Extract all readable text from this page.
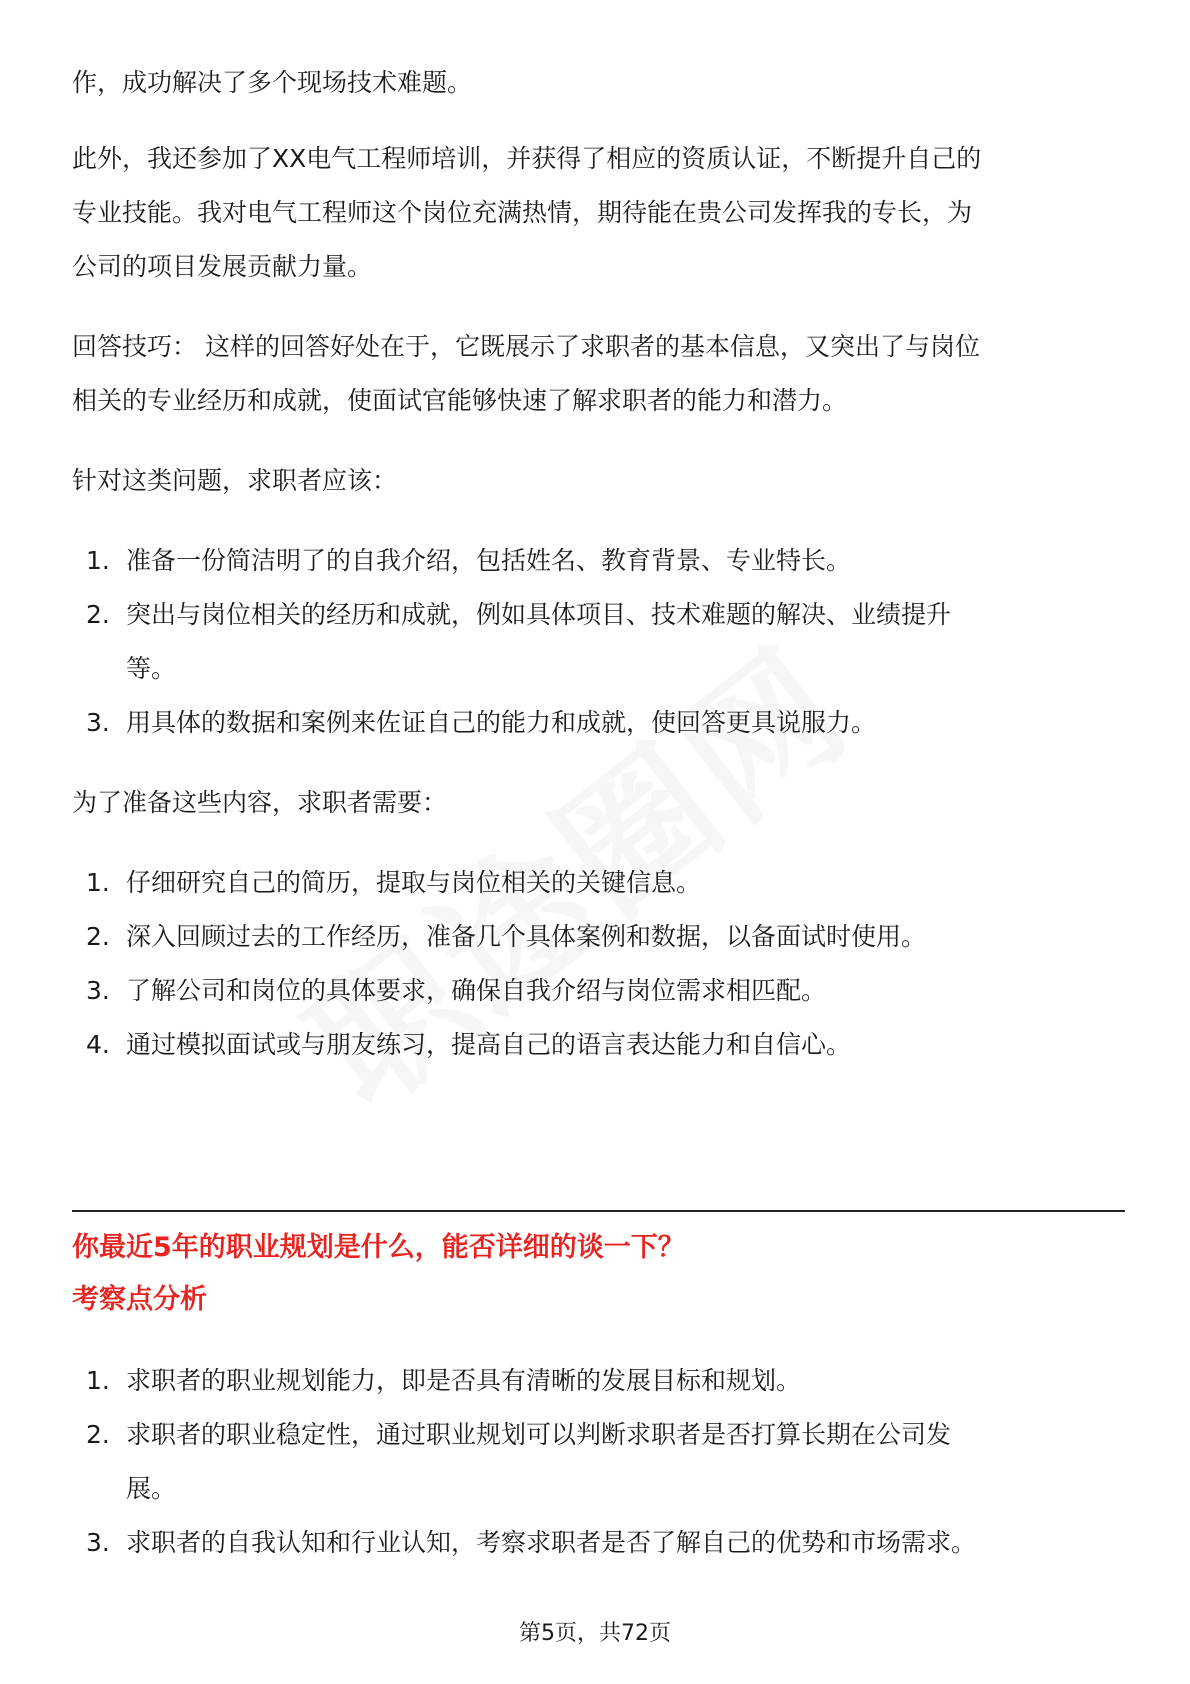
作，成功解决了多个现场技术难题。

此外，我还参加了XX电气工程师培训，并获得了相应的资质认证，不断提升自己的

专业技能。我对电气工程师这个岗位充满热情，期待能在贵公司发挥我的专长，为

公司的项目发展贡献力量。

回答技巧： 这样的回答好处在于，它既展示了求职者的基本信息，又突出了与岗位

相关的专业经历和成就，使面试官能够快速了解求职者的能力和潜力。

针对这类问题，求职者应该：

1. 准备一份简洁明了的自我介绍，包括姓名、教育背景、专业特长。
2. 突出与岗位相关的经历和成就，例如具体项目、技术难题的解决、业绩提升
等。
3. 用具体的数据和案例来佐证自己的能力和成就，使回答更具说服力。

为了准备这些内容，求职者需要：

1. 仔细研究自己的简历，提取与岗位相关的关键信息。
2. 深入回顾过去的工作经历，准备几个具体案例和数据，以备面试时使用。
3. 了解公司和岗位的具体要求，确保自我介绍与岗位需求相匹配。
4. 通过模拟面试或与朋友练习，提高自己的语言表达能力和自信心。
你最近5年的职业规划是什么，能否详细的谈一下？
考察点分析
1. 求职者的职业规划能力，即是否具有清晰的发展目标和规划。
2. 求职者的职业稳定性，通过职业规划可以判断求职者是否打算长期在公司发
展。
3. 求职者的自我认知和行业认知，考察求职者是否了解自己的优势和市场需求。
第5页，共72页
